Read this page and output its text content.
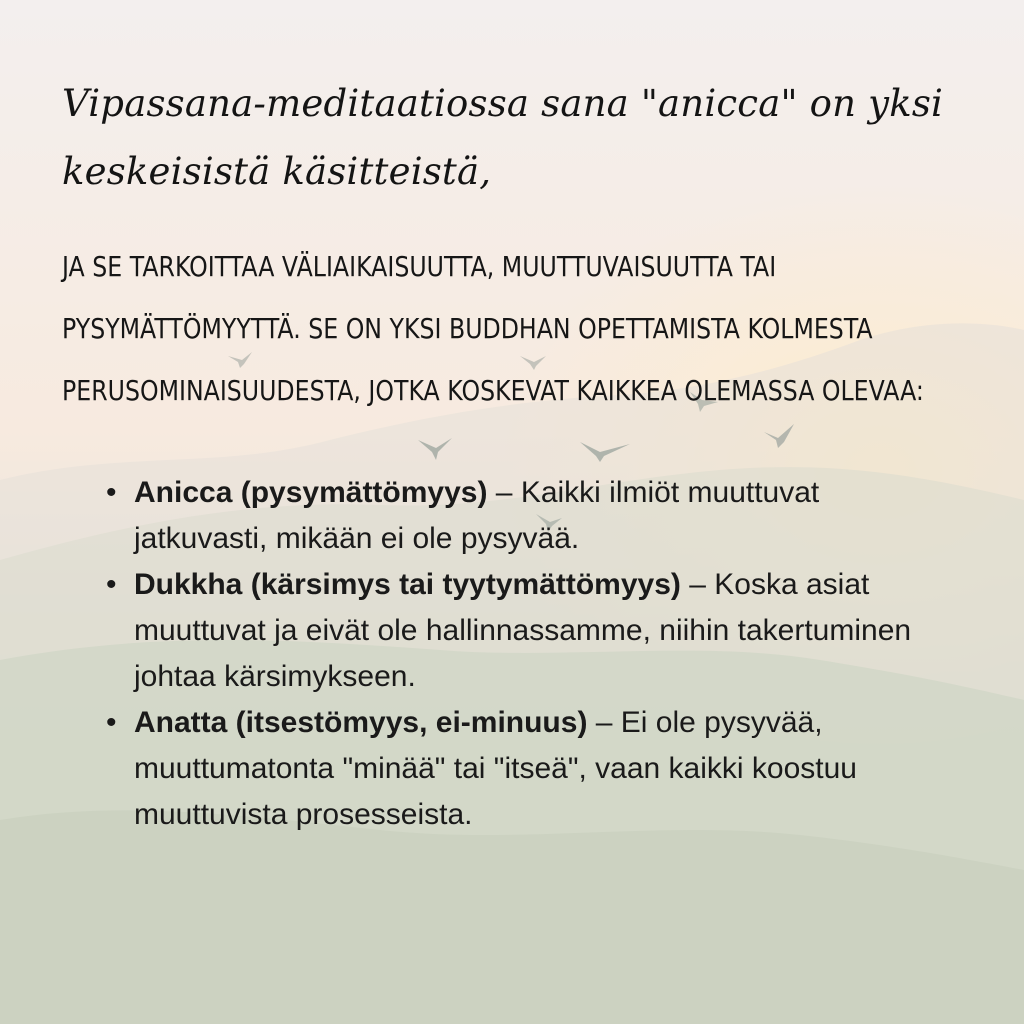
Vipassana-meditaatiossa sana "anicca" on yksi keskeisistä käsitteistä,

JA SE TARKOITTAA VÄLIAIKAISUUTTA, MUUTTUVAISUUTTA TAI PYSYMÄTTÖMYYTTÄ. SE ON YKSI BUDDHAN OPETTAMISTA KOLMESTA PERUSOMINAISUUDESTA, JOTKA KOSKEVAT KAIKKEA OLEMASSA OLEVAA:

• Anicca (pysymättömyys) – Kaikki ilmiöt muuttuvat jatkuvasti, mikään ei ole pysyvää.
• Dukkha (kärsimys tai tyytymättömyys) – Koska asiat muuttuvat ja eivät ole hallinnassamme, niihin takertuminen johtaa kärsimykseen.
• Anatta (itsestömyys, ei-minuus) – Ei ole pysyvää, muuttumatonta "minää" tai "itseä", vaan kaikki koostuu muuttuvista prosesseista.
